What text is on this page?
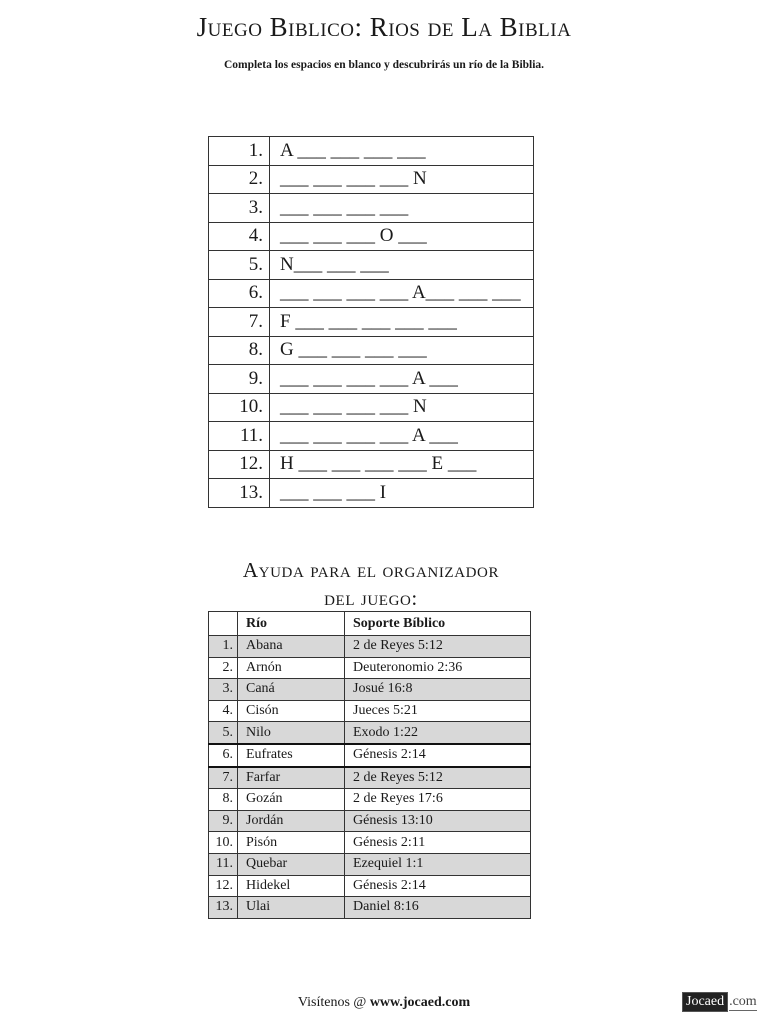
Juego Biblico: Rios de La Biblia
Completa los espacios en blanco y descubrirás un río de la Biblia.
1.	A ___ ___ ___ ___
2.	___ ___ ___ ___ N
3.	___ ___ ___ ___
4.	___ ___ ___ O ___
5.	N___ ___ ___
6.	___ ___ ___ ___ A___ ___ ___
7.	F ___ ___ ___ ___ ___
8.	G ___ ___ ___ ___
9.	___ ___ ___ ___ A ___
10.	___ ___ ___ ___ N
11.	___ ___ ___ ___ A ___
12.	H ___ ___ ___ ___ E ___
13.	___ ___ ___ I
Ayuda para el organizador
del juego:
	Río	Soporte Bíblico
1.	Abana	2 de Reyes 5:12
2.	Arnón	Deuteronomio 2:36
3.	Caná	Josué 16:8
4.	Cisón	Jueces 5:21
5.	Nilo	Exodo 1:22
6.	Eufrates	Génesis 2:14
7.	Farfar	2 de Reyes 5:12
8.	Gozán	2 de Reyes 17:6
9.	Jordán	Génesis 13:10
10.	Pisón	Génesis 2:11
11.	Quebar	Ezequiel 1:1
12.	Hidekel	Génesis 2:14
13.	Ulai	Daniel 8:16
Visítenos @ www.jocaed.com	Jocaed .com
